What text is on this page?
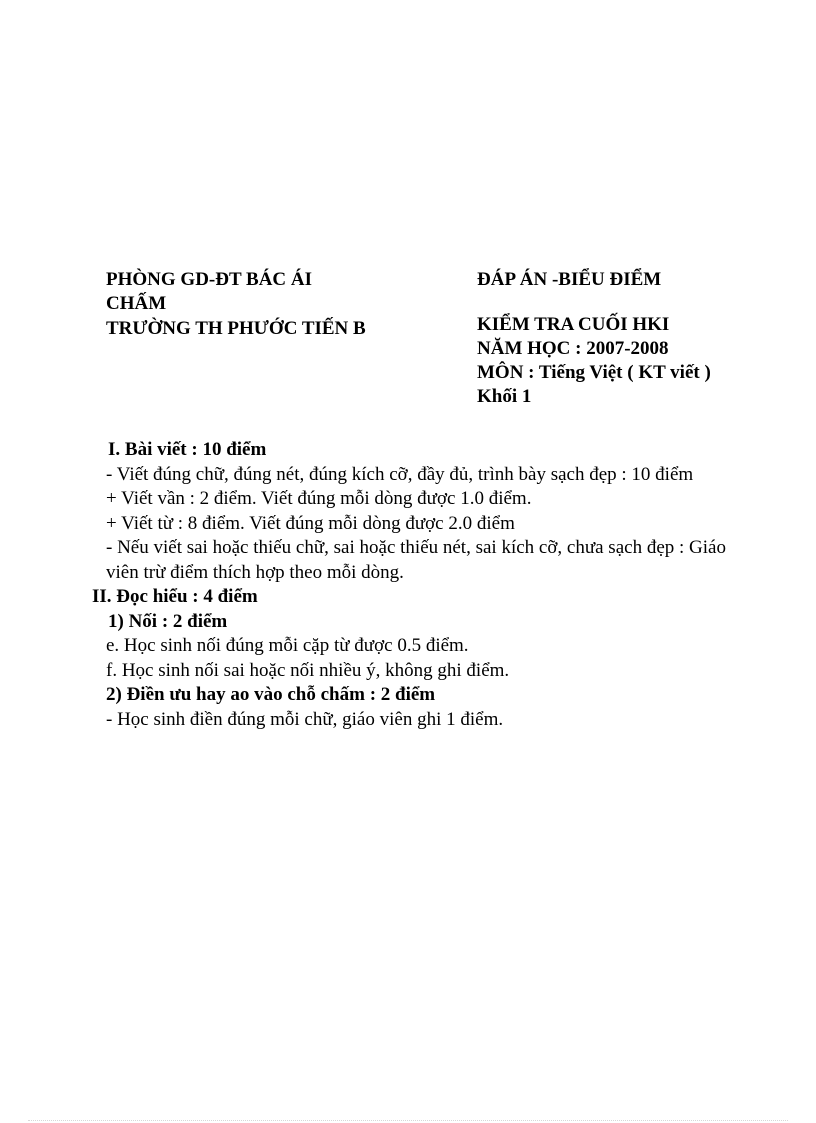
PHÒNG GD-ĐT BÁC ÁI
CHẤM
TRƯỜNG TH PHƯỚC TIẾN B
ĐÁP ÁN -BIỂU ĐIỂM
KIỂM TRA CUỐI HKI
NĂM HỌC : 2007-2008
MÔN : Tiếng Việt ( KT viết )
Khối 1
I. Bài viết : 10 điểm
- Viết đúng chữ, đúng nét, đúng kích cỡ, đầy đủ, trình bày sạch đẹp : 10 điểm
+ Viết vần : 2 điểm. Viết đúng mỗi dòng được 1.0 điểm.
+ Viết từ : 8 điểm. Viết đúng mỗi dòng được 2.0 điểm
- Nếu viết sai hoặc thiếu chữ, sai hoặc thiếu nét, sai kích cỡ, chưa sạch đẹp : Giáo viên trừ điểm thích hợp theo mỗi dòng.
II. Đọc hiểu : 4 điểm
1) Nối : 2 điểm
e. Học sinh nối đúng mỗi cặp từ được 0.5 điểm.
f. Học sinh nối sai hoặc nối nhiều ý, không ghi điểm.
2) Điền ưu hay ao vào chỗ chấm : 2 điểm
- Học sinh điền đúng mỗi chữ, giáo viên ghi 1 điểm.
